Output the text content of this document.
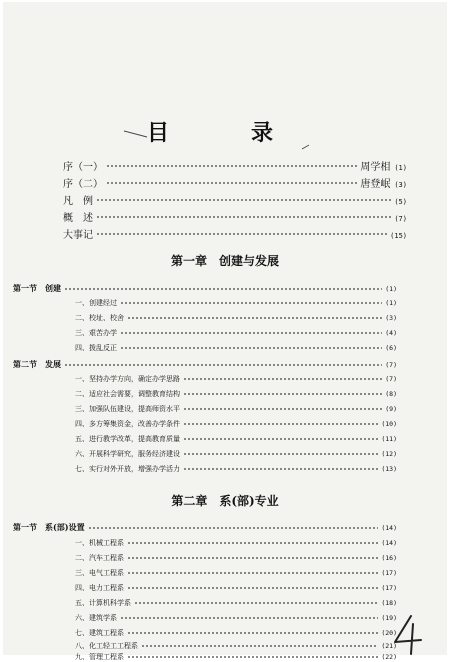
目　录
序（一）	周学相 (1)
序（二）	唐登岷 (3)
凡　例	(5)
概　述	(7)
大事记	(15)
第一章　创建与发展
第一节　创建	(1)
一、创建经过	(1)
二、校址、校舍	(3)
三、艰苦办学	(4)
四、拨乱反正	(6)
第二节　发展	(7)
一、坚持办学方向，确定办学思路	(7)
二、适应社会需要，调整教育结构	(8)
三、加强队伍建设，提高师资水平	(9)
四、多方筹集资金，改善办学条件	(10)
五、进行教学改革，提高教育质量	(11)
六、开展科学研究，服务经济建设	(12)
七、实行对外开放，增强办学活力	(13)
第二章　系(部)专业
第一节　系(部)设置	(14)
一、机械工程系	(14)
二、汽车工程系	(16)
三、电气工程系	(17)
四、电力工程系	(17)
五、计算机科学系	(18)
六、建筑学系	(19)
七、建筑工程系	(20)
八、化工轻工工程系	(21)
九、管理工程系	(22)
